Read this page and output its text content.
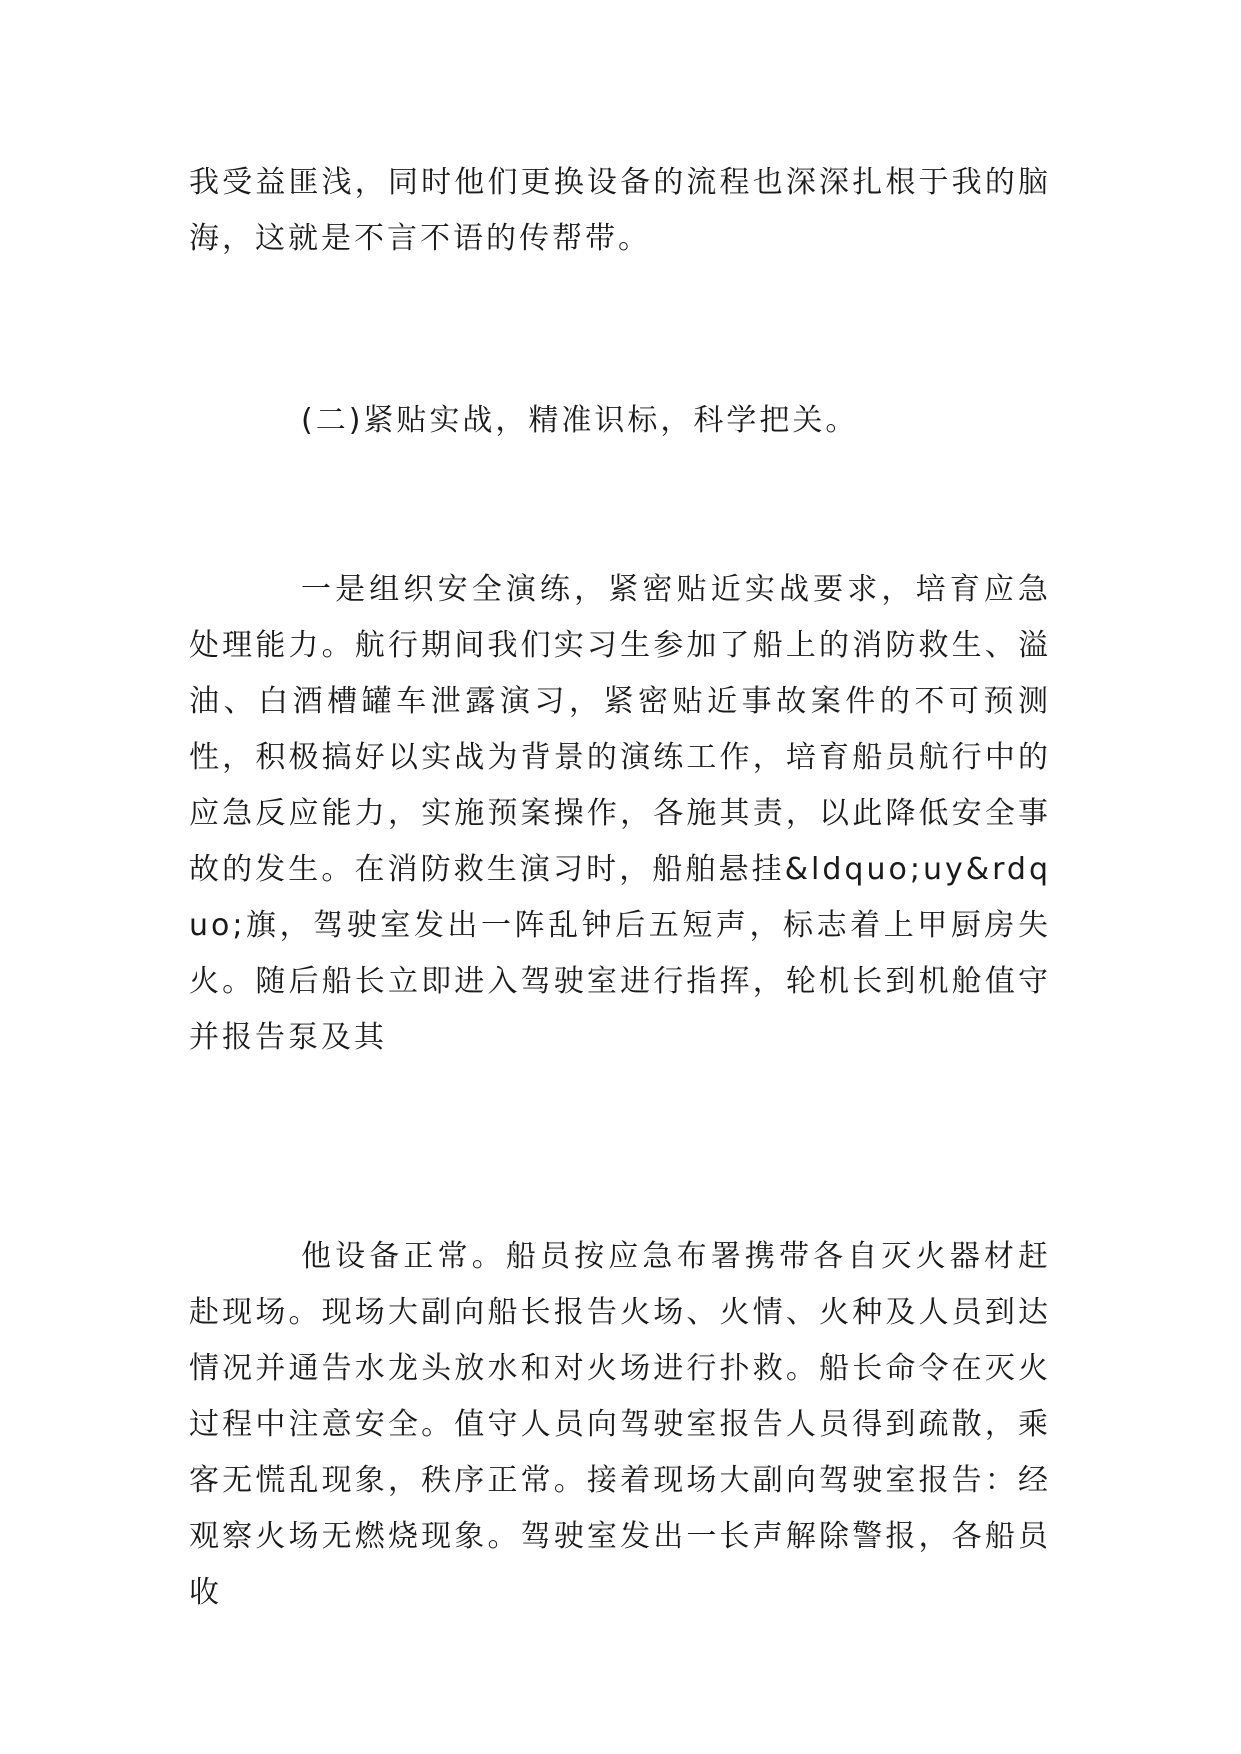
我受益匪浅，同时他们更换设备的流程也深深扎根于我的脑海，这就是不言不语的传帮带。

(二)紧贴实战，精准识标，科学把关。

一是组织安全演练，紧密贴近实战要求，培育应急处理能力。航行期间我们实习生参加了船上的消防救生、溢油、白酒槽罐车泄露演习，紧密贴近事故案件的不可预测性，积极搞好以实战为背景的演练工作，培育船员航行中的应急反应能力，实施预案操作，各施其责，以此降低安全事故的发生。在消防救生演习时，船舶悬挂&ldquo;uy&rdquo;旗，驾驶室发出一阵乱钟后五短声，标志着上甲厨房失火。随后船长立即进入驾驶室进行指挥，轮机长到机舱值守并报告泵及其

他设备正常。船员按应急布署携带各自灭火器材赶赴现场。现场大副向船长报告火场、火情、火种及人员到达情况并通告水龙头放水和对火场进行扑救。船长命令在灭火过程中注意安全。值守人员向驾驶室报告人员得到疏散，乘客无慌乱现象，秩序正常。接着现场大副向驾驶室报告：经观察火场无燃烧现象。驾驶室发出一长声解除警报，各船员收
